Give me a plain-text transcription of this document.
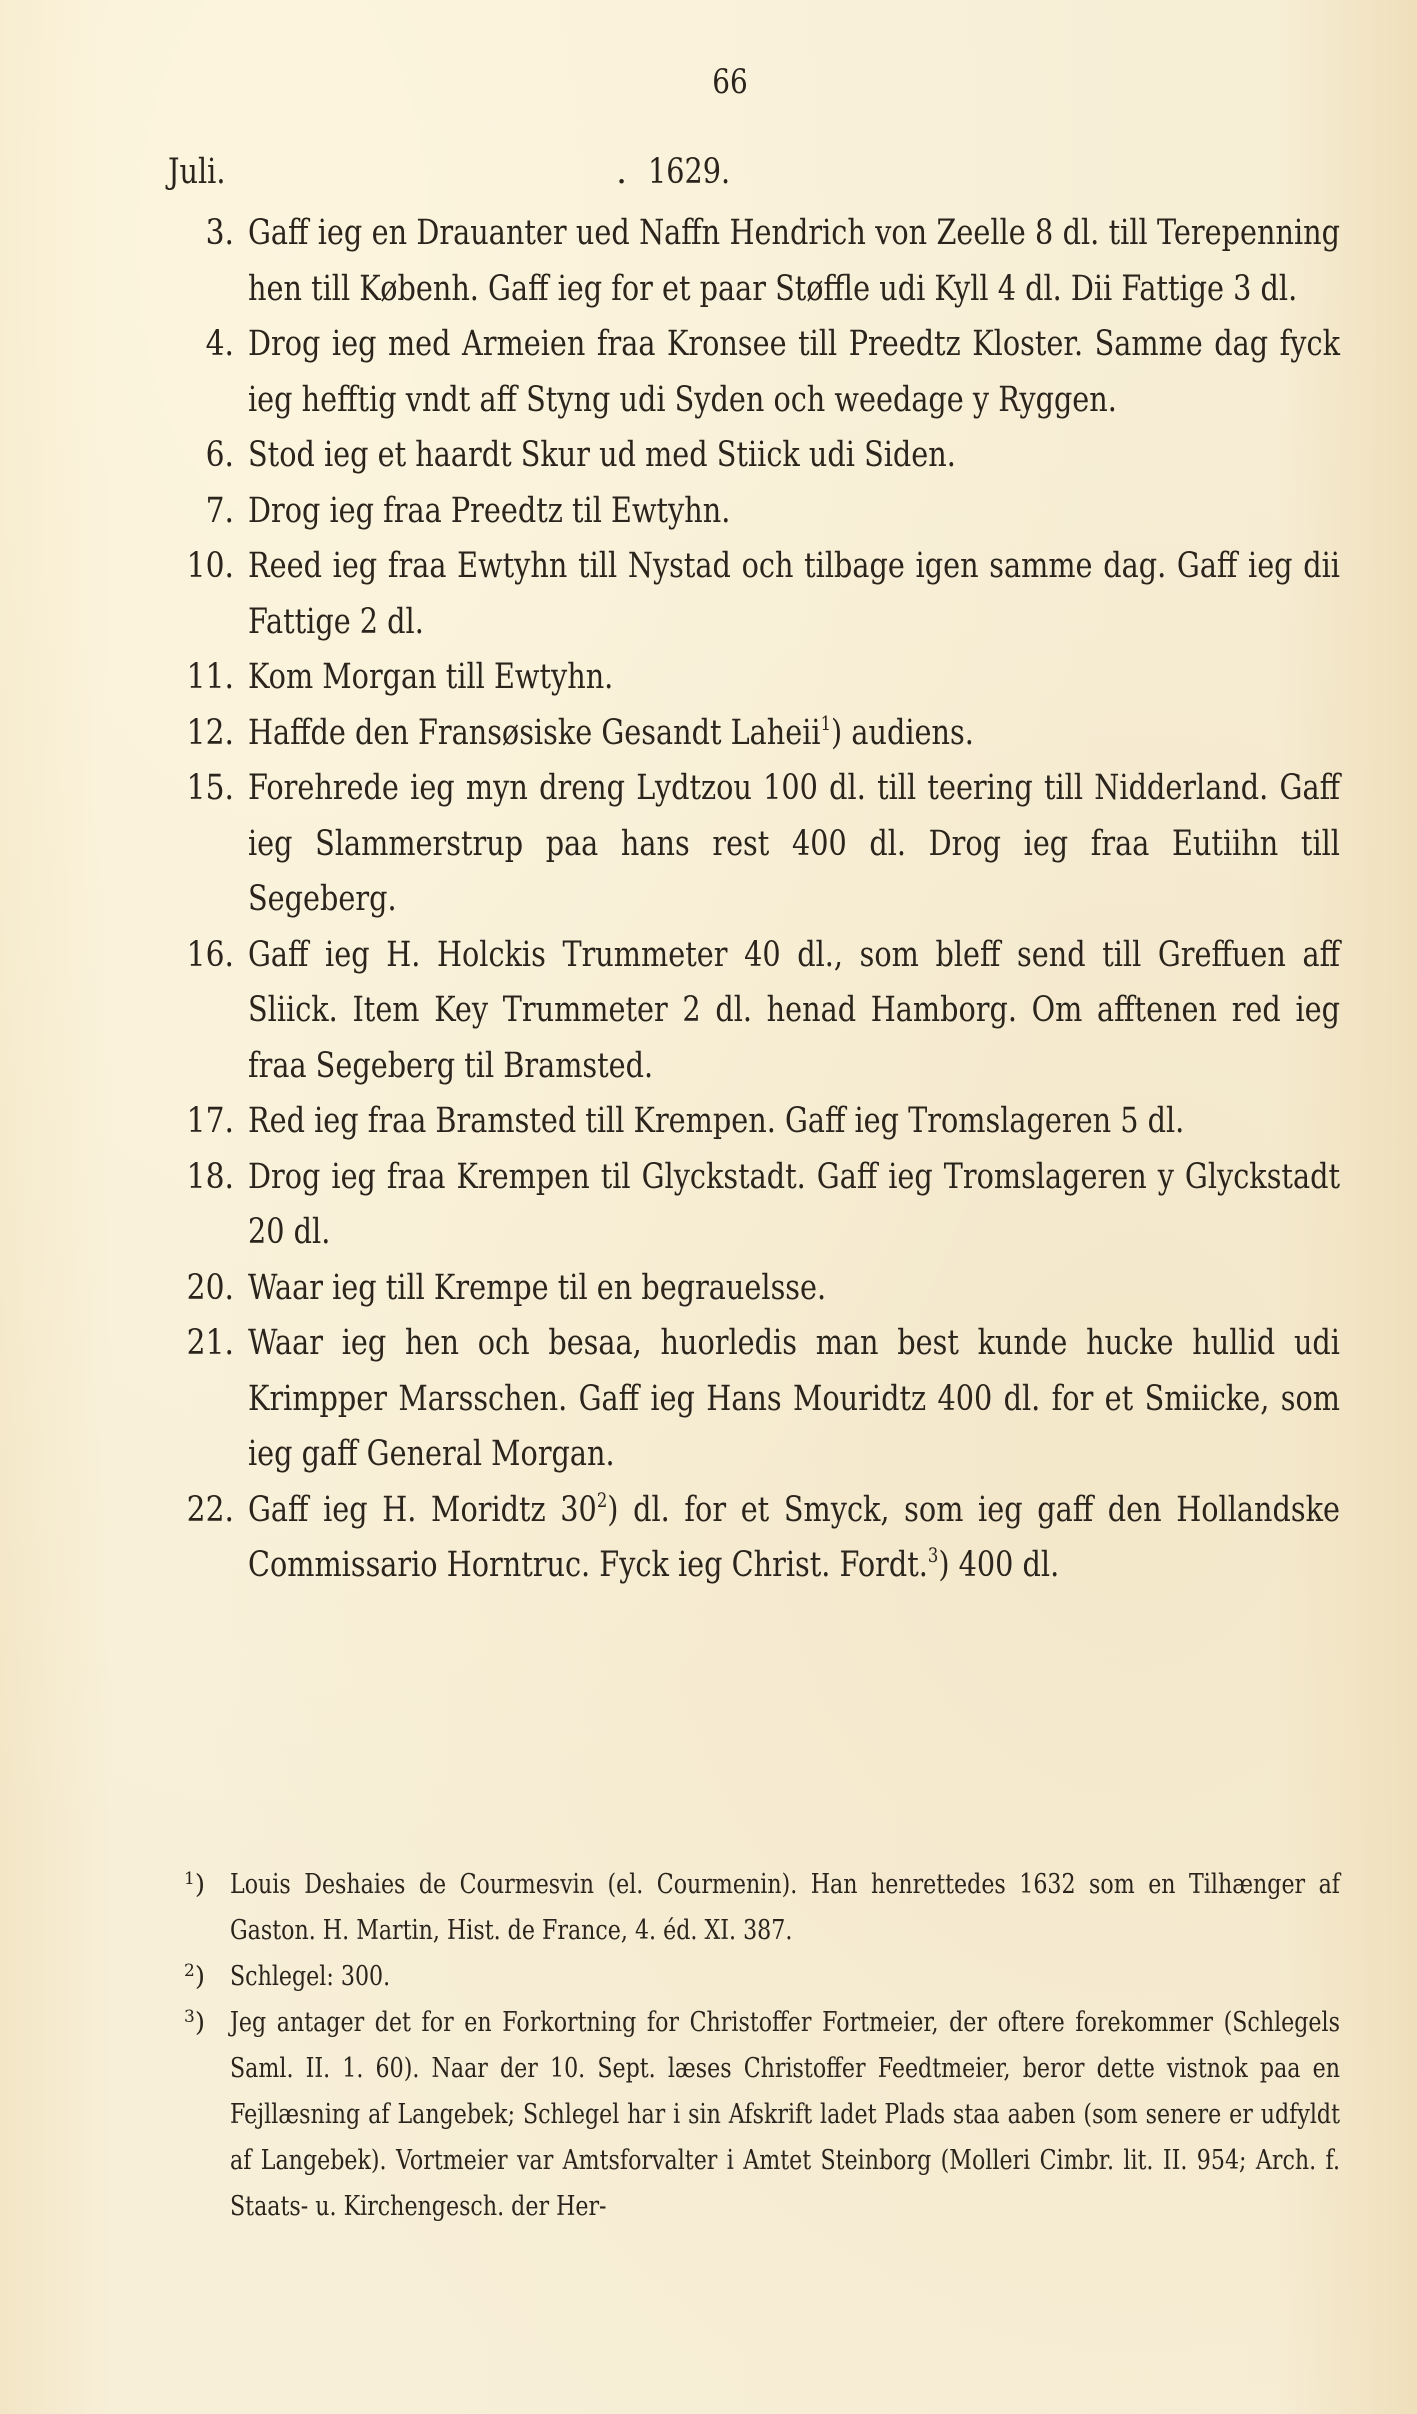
66
Juli.	. 1629.
3. Gaff ieg en Drauanter ued Naffn Hendrich von Zeelle 8 dl. till Terepenning hen till Københ. Gaff ieg for et paar Støffle udi Kyll 4 dl. Dii Fattige 3 dl.
4. Drog ieg med Armeien fraa Kronsee till Preedtz Kloster. Samme dag fyck ieg hefftig vndt aff Styng udi Syden och weedage y Ryggen.
6. Stod ieg et haardt Skur ud med Stiick udi Siden.
7. Drog ieg fraa Preedtz til Ewtyhn.
10. Reed ieg fraa Ewtyhn till Nystad och tilbage igen samme dag. Gaff ieg dii Fattige 2 dl.
11. Kom Morgan till Ewtyhn.
12. Haffde den Fransøsiske Gesandt Laheii$^1$) audiens.
15. Forehrede ieg myn dreng Lydtzou 100 dl. till teering till Nidderland. Gaff ieg Slammerstrup paa hans rest 400 dl. Drog ieg fraa Eutiihn till Segeberg.
16. Gaff ieg H. Holckis Trummeter 40 dl., som bleff send till Greffuen aff Sliick. Item Key Trummeter 2 dl. henad Hamborg. Om afftenen red ieg fraa Segeberg til Bramsted.
17. Red ieg fraa Bramsted till Krempen. Gaff ieg Tromslageren 5 dl.
18. Drog ieg fraa Krempen til Glyckstadt. Gaff ieg Tromslageren y Glyckstadt 20 dl.
20. Waar ieg till Krempe til en begrauelsse.
21. Waar ieg hen och besaa, huorledis man best kunde hucke hullid udi Krimpper Marsschen. Gaff ieg Hans Mouridtz 400 dl. for et Smiicke, som ieg gaff General Morgan.
22. Gaff ieg H. Moridtz 30$^2$) dl. for et Smyck, som ieg gaff den Hollandske Commissario Horntruc. Fyck ieg Christ. Fordt.$^3$) 400 dl.
$^1$) Louis Deshaies de Courmesvin (el. Courmenin). Han henrettedes 1632 som en Tilhænger af Gaston. H. Martin, Hist. de France, 4. éd. XI. 387.
$^2$) Schlegel: 300.
$^3$) Jeg antager det for en Forkortning for Christoffer Fortmeier, der oftere forekommer (Schlegels Saml. II. 1. 60). Naar der 10. Sept. læses Christoffer Feedtmeier, beror dette vistnok paa en Fejllæsning af Langebek; Schlegel har i sin Afskrift ladet Plads staa aaben (som senere er udfyldt af Langebek). Vortmeier var Amtsforvalter i Amtet Steinborg (Molleri Cimbr. lit. II. 954; Arch. f. Staats- u. Kirchengesch. der Her-
